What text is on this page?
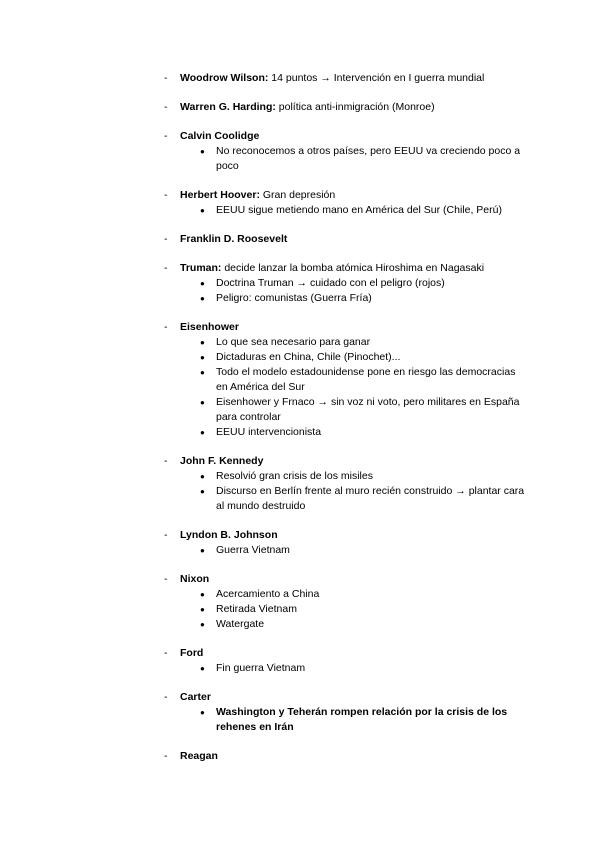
-	Woodrow Wilson: 14 puntos → Intervención en I guerra mundial
-	Warren G. Harding: política anti-inmigración (Monroe)
-	Calvin Coolidge
● No reconocemos a otros países, pero EEUU va creciendo poco a poco
-	Herbert Hoover: Gran depresión
● EEUU sigue metiendo mano en América del Sur (Chile, Perú)
-	Franklin D. Roosevelt
-	Truman: decide lanzar la bomba atómica Hiroshima en Nagasaki
● Doctrina Truman → cuidado con el peligro (rojos)
● Peligro: comunistas (Guerra Fría)
-	Eisenhower
● Lo que sea necesario para ganar
● Dictaduras en China, Chile (Pinochet)...
● Todo el modelo estadounidense pone en riesgo las democracias en América del Sur
● Eisenhower y Frnaco → sin voz ni voto, pero militares en España para controlar
● EEUU intervencionista
-	John F. Kennedy
● Resolvió gran crisis de los misiles
● Discurso en Berlín frente al muro recién construido → plantar cara al mundo destruido
-	Lyndon B. Johnson
● Guerra Vietnam
-	Nixon
● Acercamiento a China
● Retirada Vietnam
● Watergate
-	Ford
● Fin guerra Vietnam
-	Carter
● Washington y Teherán rompen relación por la crisis de los rehenes en Irán
-	Reagan
